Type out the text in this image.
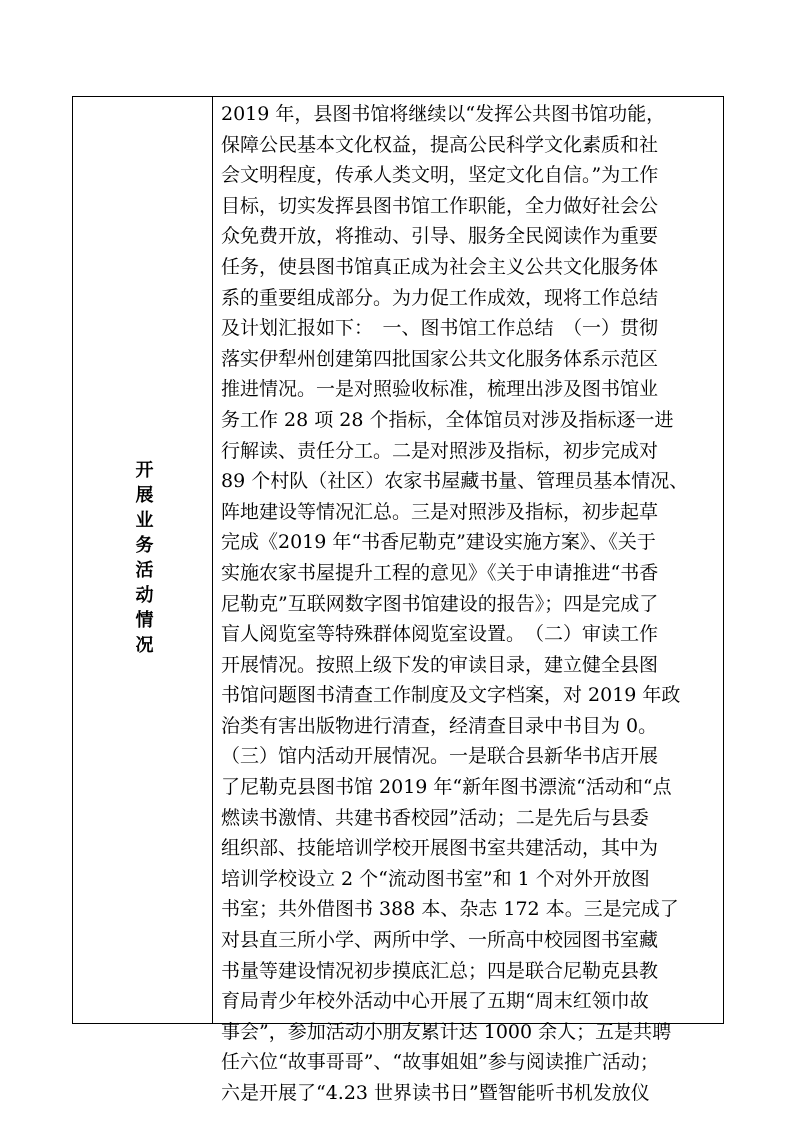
开展业务活动情况
2019 年，县图书馆将继续以“发挥公共图书馆功能，
保障公民基本文化权益，提高公民科学文化素质和社
会文明程度，传承人类文明，坚定文化自信。”为工作
目标，切实发挥县图书馆工作职能，全力做好社会公
众免费开放，将推动、引导、服务全民阅读作为重要
任务，使县图书馆真正成为社会主义公共文化服务体
系的重要组成部分。为力促工作成效，现将工作总结
及计划汇报如下：　一、图书馆工作总结　（一）贯彻
落实伊犁州创建第四批国家公共文化服务体系示范区
推进情况。一是对照验收标准，梳理出涉及图书馆业
务工作 28 项 28 个指标，全体馆员对涉及指标逐一进
行解读、责任分工。二是对照涉及指标，初步完成对
89 个村队（社区）农家书屋藏书量、管理员基本情况、
阵地建设等情况汇总。三是对照涉及指标，初步起草
完成《2019 年“书香尼勒克”建设实施方案》、《关于
实施农家书屋提升工程的意见》《关于申请推进“书香
尼勒克”互联网数字图书馆建设的报告》；四是完成了
盲人阅览室等特殊群体阅览室设置。　（二）审读工作
开展情况。按照上级下发的审读目录，建立健全县图
书馆问题图书清查工作制度及文字档案，对 2019 年政
治类有害出版物进行清查，经清查目录中书目为 0。
（三）馆内活动开展情况。一是联合县新华书店开展
了尼勒克县图书馆 2019 年“新年图书漂流“活动和“点
燃读书激情、共建书香校园”活动；二是先后与县委
组织部、技能培训学校开展图书室共建活动，其中为
培训学校设立 2 个“流动图书室”和 1 个对外开放图
书室；共外借图书 388 本、杂志 172 本。三是完成了
对县直三所小学、两所中学、一所高中校园图书室藏
书量等建设情况初步摸底汇总；四是联合尼勒克县教
育局青少年校外活动中心开展了五期“周末红领巾故
事会”，参加活动小朋友累计达 1000 余人；五是共聘
任六位“故事哥哥”、“故事姐姐”参与阅读推广活动；
六是开展了“4.23 世界读书日”暨智能听书机发放仪
